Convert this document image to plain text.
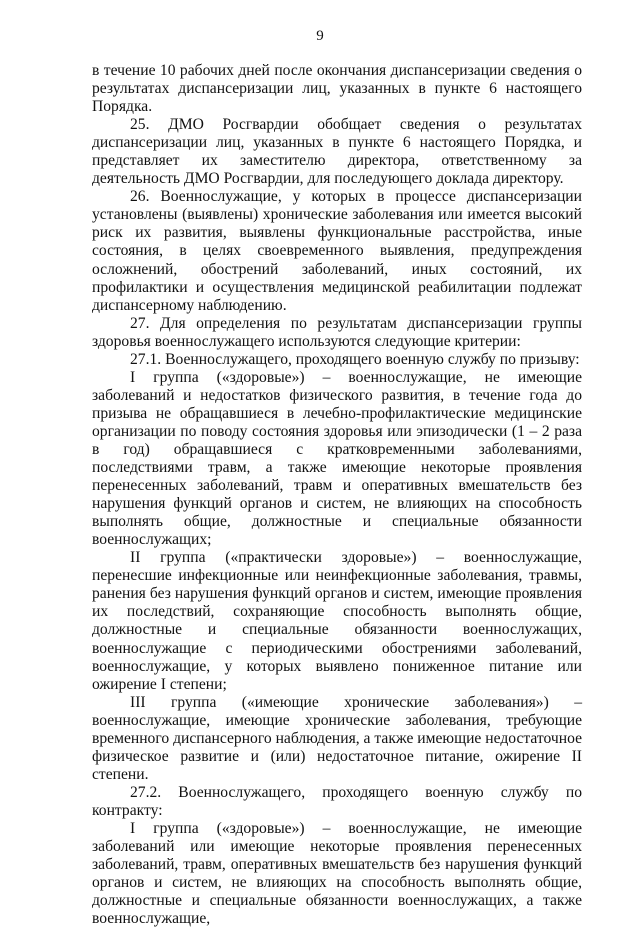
9

в течение 10 рабочих дней после окончания диспансеризации сведения о результатах диспансеризации лиц, указанных в пункте 6 настоящего Порядка.

25. ДМО Росгвардии обобщает сведения о результатах диспансеризации лиц, указанных в пункте 6 настоящего Порядка, и представляет их заместителю директора, ответственному за деятельность ДМО Росгвардии, для последующего доклада директору.

26. Военнослужащие, у которых в процессе диспансеризации установлены (выявлены) хронические заболевания или имеется высокий риск их развития, выявлены функциональные расстройства, иные состояния, в целях своевременного выявления, предупреждения осложнений, обострений заболеваний, иных состояний, их профилактики и осуществления медицинской реабилитации подлежат диспансерному наблюдению.

27. Для определения по результатам диспансеризации группы здоровья военнослужащего используются следующие критерии:

27.1. Военнослужащего, проходящего военную службу по призыву:

I группа («здоровые») – военнослужащие, не имеющие заболеваний и недостатков физического развития, в течение года до призыва не обращавшиеся в лечебно-профилактические медицинские организации по поводу состояния здоровья или эпизодически (1 – 2 раза в год) обращавшиеся с кратковременными заболеваниями, последствиями травм, а также имеющие некоторые проявления перенесенных заболеваний, травм и оперативных вмешательств без нарушения функций органов и систем, не влияющих на способность выполнять общие, должностные и специальные обязанности военнослужащих;

II группа («практически здоровые») – военнослужащие, перенесшие инфекционные или неинфекционные заболевания, травмы, ранения без нарушения функций органов и систем, имеющие проявления их последствий, сохраняющие способность выполнять общие, должностные и специальные обязанности военнослужащих, военнослужащие с периодическими обострениями заболеваний, военнослужащие, у которых выявлено пониженное питание или ожирение I степени;

III группа («имеющие хронические заболевания») – военнослужащие, имеющие хронические заболевания, требующие временного диспансерного наблюдения, а также имеющие недостаточное физическое развитие и (или) недостаточное питание, ожирение II степени.

27.2. Военнослужащего, проходящего военную службу по контракту:

I группа («здоровые») – военнослужащие, не имеющие заболеваний или имеющие некоторые проявления перенесенных заболеваний, травм, оперативных вмешательств без нарушения функций органов и систем, не влияющих на способность выполнять общие, должностные и специальные обязанности военнослужащих, а также военнослужащие,
